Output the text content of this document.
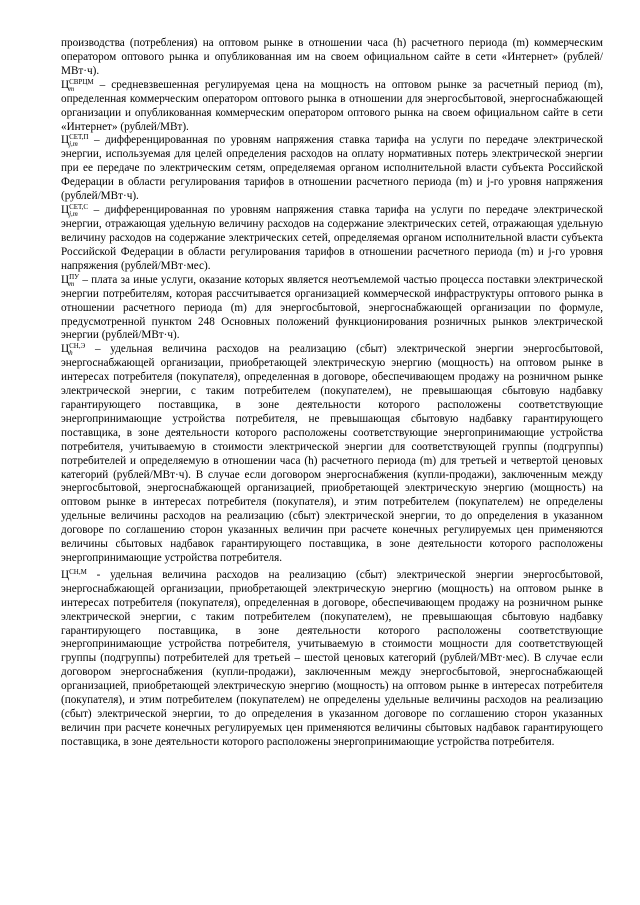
производства (потребления) на оптовом рынке в отношении часа (h) расчетного периода (m) коммерческим оператором оптового рынка и опубликованная им на своем официальном сайте в сети «Интернет» (рублей/МВт·ч).

Ц СВРЦМ
m	– средневзвешенная регулируемая цена на мощность на оптовом рынке за расчетный период (m), определенная коммерческим оператором оптового рынка в отношении для энергосбытовой, энергоснабжающей организации и опубликованная коммерческим оператором оптового рынка на своем официальном сайте в сети «Интернет» (рублей/МВт).

Ц СЕТ,П
j,m – дифференцированная по уровням напряжения ставка тарифа на услуги по передаче электрической энергии, используемая для целей определения расходов на оплату нормативных потерь электрической энергии при ее передаче по электрическим сетям, определяемая органом исполнительной власти субъекта Российской Федерации в области регулирования тарифов в отношении расчетного периода (m) и j-го уровня напряжения (рублей/МВт·ч).

Ц СЕТ,С
j,m – дифференцированная по уровням напряжения ставка тарифа на услуги по передаче электрической энергии, отражающая удельную величину расходов на содержание электрических сетей, отражающая удельную величину расходов на содержание электрических сетей, определяемая органом исполнительной власти субъекта Российской Федерации в области регулирования тарифов в отношении расчетного периода (m) и j-го уровня напряжения (рублей/МВт·мес).

Ц ПУ
m – плата за иные услуги, оказание которых является неотъемлемой частью процесса поставки электрической энергии потребителям, которая рассчитывается организацией коммерческой инфраструктуры оптового рынка в отношении расчетного периода (m) для энергосбытовой, энергоснабжающей организации по формуле, предусмотренной пунктом 248 Основных положений функционирования розничных рынков электрической энергии (рублей/МВт·ч).

Ц СН,Э
h	– удельная величина расходов на реализацию (сбыт) электрической энергии энергосбытовой, энергоснабжающей организации, приобретающей электрическую энергию (мощность) на оптовом рынке в интересах потребителя (покупателя), определенная в договоре, обеспечивающем продажу на розничном рынке электрической энергии, с таким потребителем (покупателем), не превышающая сбытовую надбавку гарантирующего поставщика, в зоне деятельности которого расположены соответствующие энергопринимающие устройства потребителя, не превышающая сбытовую надбавку гарантирующего поставщика, в зоне деятельности которого расположены соответствующие энергопринимающие устройства потребителя, учитываемую в стоимости электрической энергии для соответствующей группы (подгруппы) потребителей и определяемую в отношении часа (h) расчетного периода (m) для третьей и четвертой ценовых категорий (рублей/МВт·ч). В случае если договором энергоснабжения (купли-продажи), заключенным между энергосбытовой, энергоснабжающей организацией, приобретающей электрическую энергию (мощность) на оптовом рынке в интересах потребителя (покупателя), и этим потребителем (покупателем) не определены удельные величины расходов на реализацию (сбыт) электрической энергии, то до определения в указанном договоре по соглашению сторон указанных величин при расчете конечных регулируемых цен применяются величины сбытовых надбавок гарантирующего поставщика, в зоне деятельности которого расположены энергопринимающие устройства потребителя.

$Ц^{СН,М}$ - удельная величина расходов на реализацию (сбыт) электрической энергии энергосбытовой, энергоснабжающей организации, приобретающей электрическую энергию (мощность) на оптовом рынке в интересах потребителя (покупателя), определенная в договоре, обеспечивающем продажу на розничном рынке электрической энергии, с таким потребителем (покупателем), не превышающая сбытовую надбавку гарантирующего поставщика, в зоне деятельности которого расположены соответствующие энергопринимающие устройства потребителя, учитываемую в стоимости мощности для соответствующей группы (подгруппы) потребителей для третьей – шестой ценовых категорий (рублей/МВт·мес). В случае если договором энергоснабжения (купли-продажи), заключенным между энергосбытовой, энергоснабжающей организацией, приобретающей электрическую энергию (мощность) на оптовом рынке в интересах потребителя (покупателя), и этим потребителем (покупателем) не определены удельные величины расходов на реализацию (сбыт) электрической энергии, то до определения в указанном договоре по соглашению сторон указанных величин при расчете конечных регулируемых цен применяются величины сбытовых надбавок гарантирующего поставщика, в зоне деятельности которого расположены энергопринимающие устройства потребителя.
